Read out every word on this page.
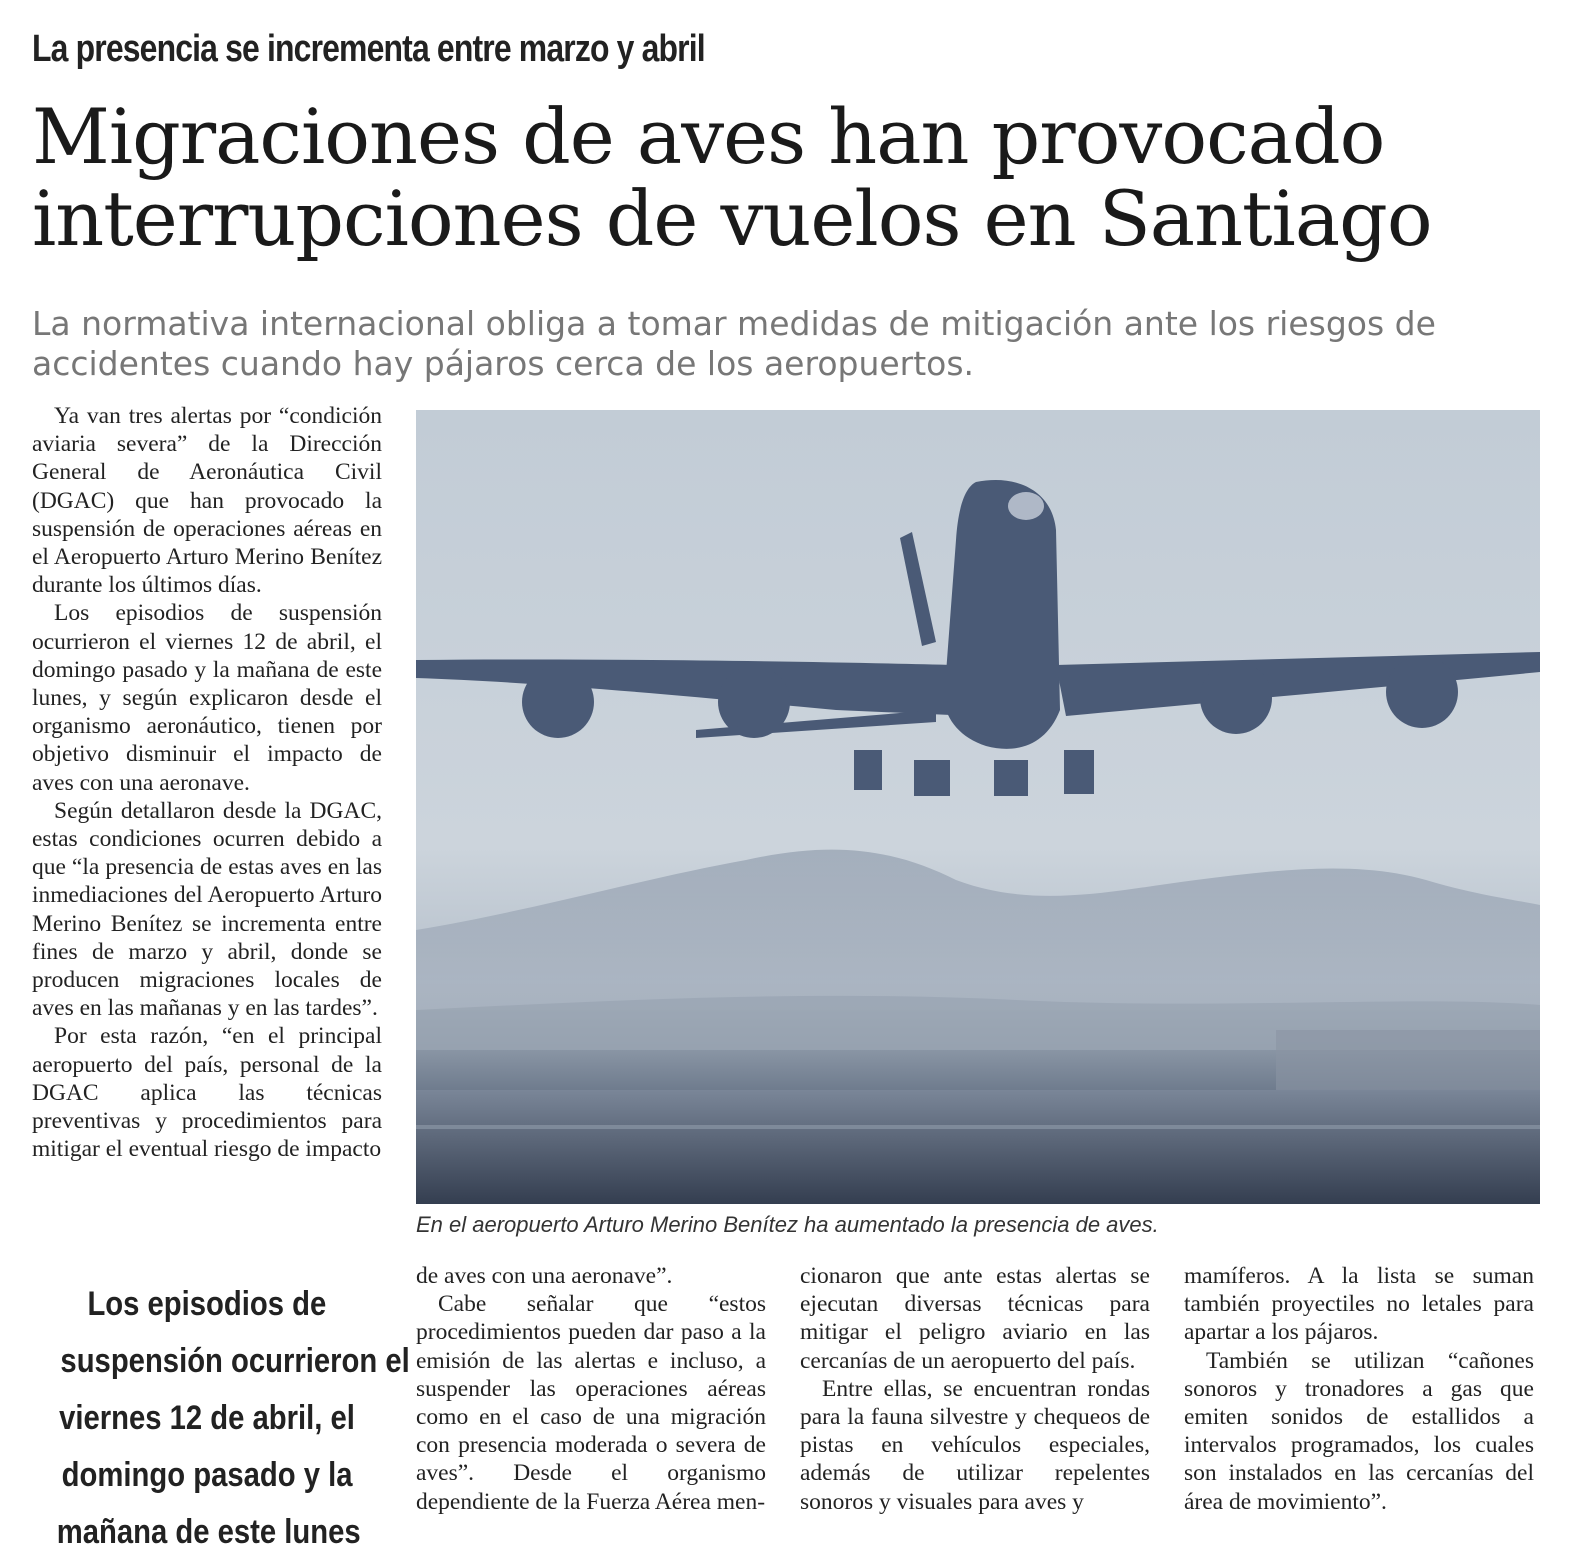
La presencia se incrementa entre marzo y abril
Migraciones de aves han provocado
interrupciones de vuelos en Santiago
La normativa internacional obliga a tomar medidas de mitigación ante los riesgos de accidentes cuando hay pájaros cerca de los aeropuertos.

Ya van tres alertas por “condición aviaria severa” de la Dirección General de Aeronáutica Civil (DGAC) que han provocado la suspensión de operaciones aéreas en el Aeropuerto Arturo Merino Benítez durante los últimos días.

Los episodios de suspensión ocurrieron el viernes 12 de abril, el domingo pasado y la mañana de este lunes, y según explicaron desde el organismo aeronáutico, tienen por objetivo disminuir el impacto de aves con una aeronave.

Según detallaron desde la DGAC, estas condiciones ocurren debido a que “la presencia de estas aves en las inmediaciones del Aeropuerto Arturo Merino Benítez se incrementa entre fines de marzo y abril, donde se producen migraciones locales de aves en las mañanas y en las tardes”.

Por esta razón, “en el principal aeropuerto del país, personal de la DGAC aplica las técnicas preventivas y procedimientos para mitigar el eventual riesgo de impacto

En el aeropuerto Arturo Merino Benítez ha aumentado la presencia de aves.
Los episodios de
suspensión ocurrieron el
viernes 12 de abril, el
domingo pasado y la
mañana de este lunes

de aves con una aeronave”.

Cabe señalar que “estos procedimientos pueden dar paso a la emisión de las alertas e incluso, a suspender las operaciones aéreas como en el caso de una migración con presencia moderada o severa de aves”. Desde el organismo dependiente de la Fuerza Aérea men-

cionaron que ante estas alertas se ejecutan diversas técnicas para mitigar el peligro aviario en las cercanías de un aeropuerto del país.

Entre ellas, se encuentran rondas para la fauna silvestre y chequeos de pistas en vehículos especiales, además de utilizar repelentes sonoros y visuales para aves y

mamíferos. A la lista se suman también proyectiles no letales para apartar a los pájaros.

También se utilizan “cañones sonoros y tronadores a gas que emiten sonidos de estallidos a intervalos programados, los cuales son instalados en las cercanías del área de movimiento”.
